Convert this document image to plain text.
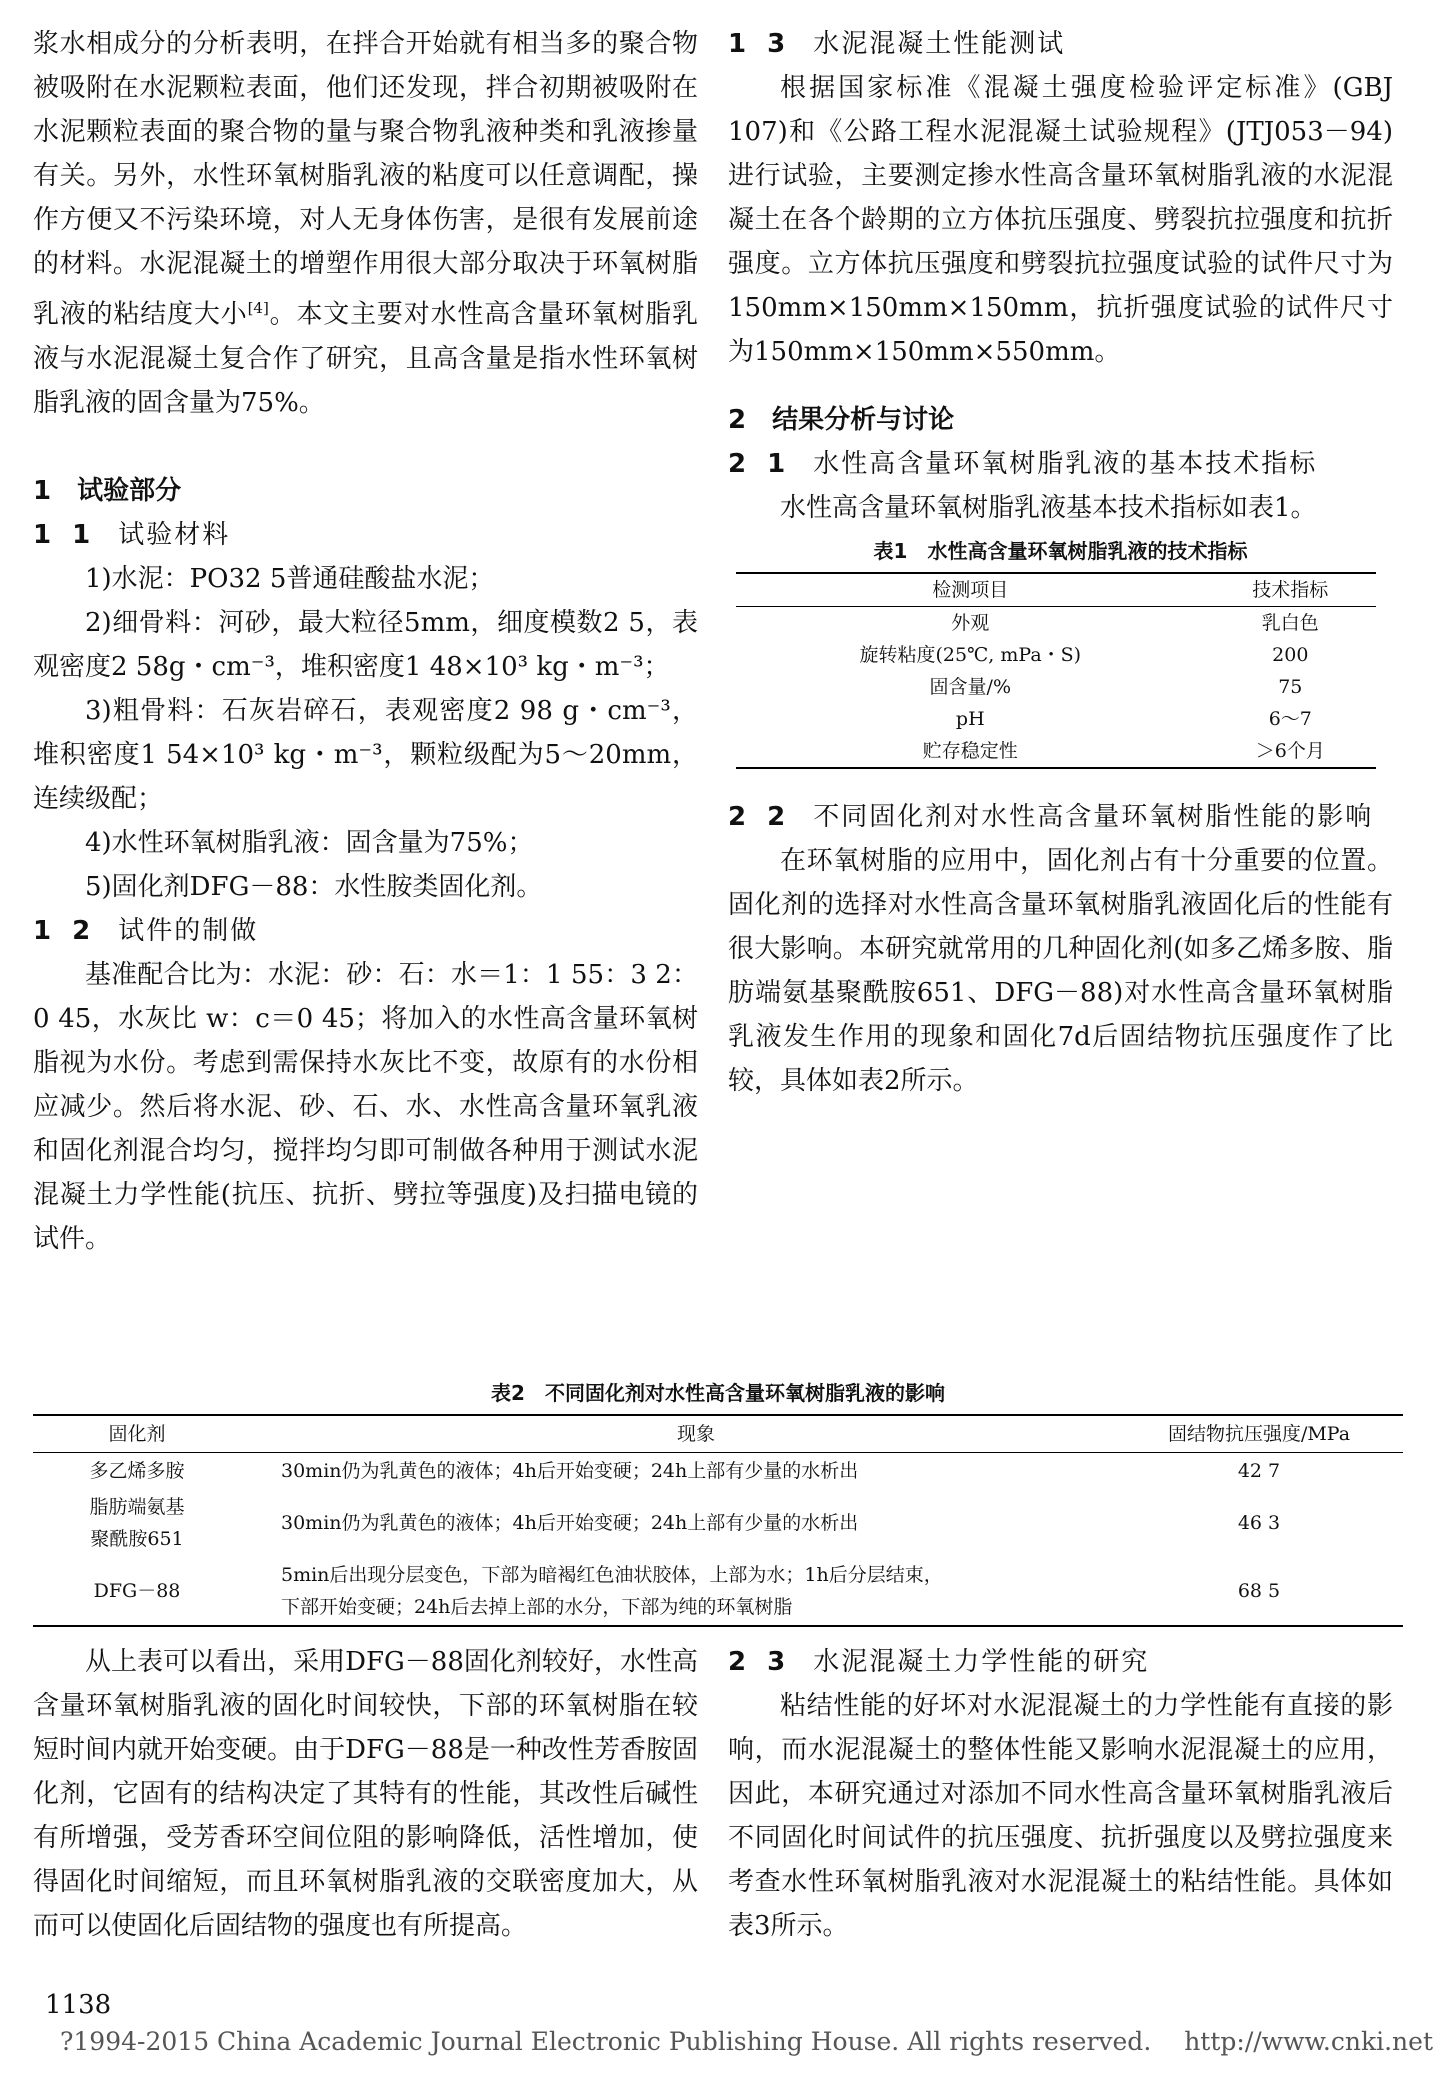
浆水相成分的分析表明，在拌合开始就有相当多的聚合物被吸附在水泥颗粒表面，他们还发现，拌合初期被吸附在水泥颗粒表面的聚合物的量与聚合物乳液种类和乳液掺量有关。另外，水性环氧树脂乳液的粘度可以任意调配，操作方便又不污染环境，对人无身体伤害，是很有发展前途的材料。水泥混凝土的增塑作用很大部分取决于环氧树脂乳液的粘结度大小[4]。本文主要对水性高含量环氧树脂乳液与水泥混凝土复合作了研究，且高含量是指水性环氧树脂乳液的固含量为75%。

1　试验部分

1 1 试验材料

1)水泥：PO32 5普通硅酸盐水泥；

2)细骨料：河砂，最大粒径5mm，细度模数2 5，表观密度2 58g・cm⁻³，堆积密度1 48×10³ kg・m⁻³；

3)粗骨料：石灰岩碎石，表观密度2 98 g・cm⁻³，堆积密度1 54×10³ kg・m⁻³，颗粒级配为5～20mm，连续级配；

4)水性环氧树脂乳液：固含量为75%；

5)固化剂DFG－88：水性胺类固化剂。

1 2 试件的制做

基准配合比为：水泥：砂：石：水＝1：1 55：3 2：0 45，水灰比 w：c＝0 45；将加入的水性高含量环氧树脂视为水份。考虑到需保持水灰比不变，故原有的水份相应减少。然后将水泥、砂、石、水、水性高含量环氧乳液和固化剂混合均匀，搅拌均匀即可制做各种用于测试水泥混凝土力学性能(抗压、抗折、劈拉等强度)及扫描电镜的试件。

1 3 水泥混凝土性能测试

根据国家标准《混凝土强度检验评定标准》(GBJ 107)和《公路工程水泥混凝土试验规程》(JTJ053－94)进行试验，主要测定掺水性高含量环氧树脂乳液的水泥混凝土在各个龄期的立方体抗压强度、劈裂抗拉强度和抗折强度。立方体抗压强度和劈裂抗拉强度试验的试件尺寸为150mm×150mm×150mm，抗折强度试验的试件尺寸为150mm×150mm×550mm。

2　结果分析与讨论

2 1 水性高含量环氧树脂乳液的基本技术指标

水性高含量环氧树脂乳液基本技术指标如表1。

表1　水性高含量环氧树脂乳液的技术指标
检测项目	技术指标
外观	乳白色
旋转粘度(25℃, mPa・S)	200
固含量/%	75
pH	6～7
贮存稳定性	＞6个月

2 2 不同固化剂对水性高含量环氧树脂性能的影响

在环氧树脂的应用中，固化剂占有十分重要的位置。固化剂的选择对水性高含量环氧树脂乳液固化后的性能有很大影响。本研究就常用的几种固化剂(如多乙烯多胺、脂肪端氨基聚酰胺651、DFG－88)对水性高含量环氧树脂乳液发生作用的现象和固化7d后固结物抗压强度作了比较，具体如表2所示。

表2　不同固化剂对水性高含量环氧树脂乳液的影响
固化剂	现象	固结物抗压强度/MPa
多乙烯多胺	30min仍为乳黄色的液体；4h后开始变硬；24h上部有少量的水析出	42 7
脂肪端氨基
聚酰胺651	30min仍为乳黄色的液体；4h后开始变硬；24h上部有少量的水析出	46 3
DFG－88	5min后出现分层变色，下部为暗褐红色油状胶体，上部为水；1h后分层结束，
下部开始变硬；24h后去掉上部的水分，下部为纯的环氧树脂	68 5

从上表可以看出，采用DFG－88固化剂较好，水性高含量环氧树脂乳液的固化时间较快，下部的环氧树脂在较短时间内就开始变硬。由于DFG－88是一种改性芳香胺固化剂，它固有的结构决定了其特有的性能，其改性后碱性有所增强，受芳香环空间位阻的影响降低，活性增加，使得固化时间缩短，而且环氧树脂乳液的交联密度加大，从而可以使固化后固结物的强度也有所提高。

2 3 水泥混凝土力学性能的研究

粘结性能的好坏对水泥混凝土的力学性能有直接的影响，而水泥混凝土的整体性能又影响水泥混凝土的应用，因此，本研究通过对添加不同水性高含量环氧树脂乳液后不同固化时间试件的抗压强度、抗折强度以及劈拉强度来考查水性环氧树脂乳液对水泥混凝土的粘结性能。具体如表3所示。

1138
?1994-2015 China Academic Journal Electronic Publishing House. All rights reserved.　 http://www.cnki.net
